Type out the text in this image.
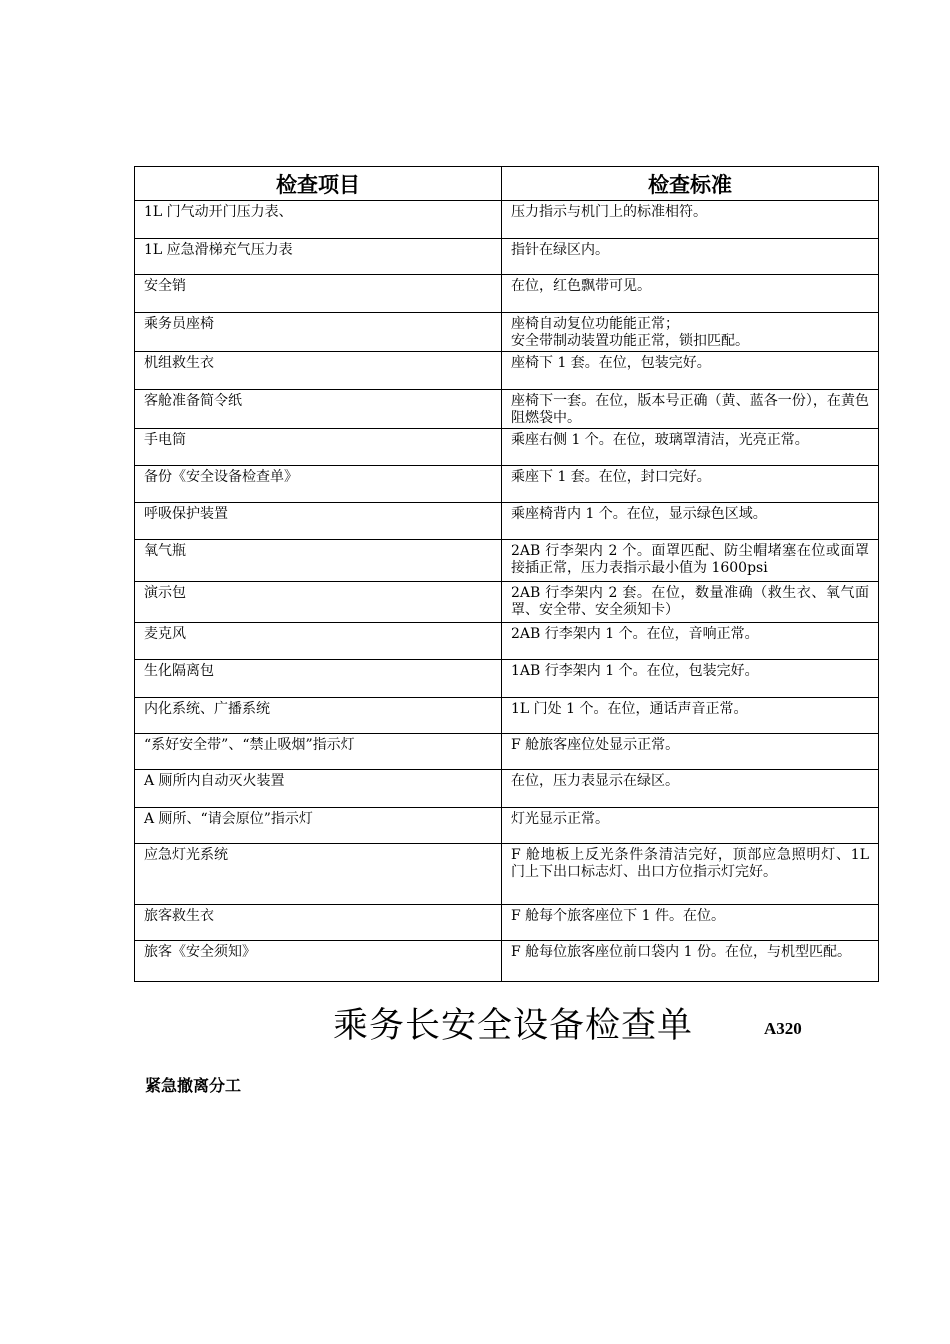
检查项目	检查标准
1L 门气动开门压力表、	压力指示与机门上的标准相符。
1L 应急滑梯充气压力表	指针在绿区内。
安全销	在位，红色飘带可见。
乘务员座椅	座椅自动复位功能能正常；
安全带制动装置功能正常，锁扣匹配。
机组救生衣	座椅下 1 套。在位，包装完好。
客舱准备简令纸	座椅下一套。在位，版本号正确（黄、蓝各一份），在黄色阻燃袋中。
手电筒	乘座右侧 1 个。在位，玻璃罩清洁，光亮正常。
备份《安全设备检查单》	乘座下 1 套。在位，封口完好。
呼吸保护装置	乘座椅背内 1 个。在位，显示绿色区域。
氧气瓶	2AB 行李架内 2 个。面罩匹配、防尘帽堵塞在位或面罩接插正常，压力表指示最小值为 1600psi
演示包	2AB 行李架内 2 套。在位，数量准确（救生衣、氧气面罩、安全带、安全须知卡）
麦克风	2AB 行李架内 1 个。在位，音响正常。
生化隔离包	1AB 行李架内 1 个。在位，包装完好。
内化系统、广播系统	1L 门处 1 个。在位，通话声音正常。
“系好安全带”、“禁止吸烟”指示灯	F 舱旅客座位处显示正常。
A 厕所内自动灭火装置	在位，压力表显示在绿区。
A 厕所、“请会原位”指示灯	灯光显示正常。
应急灯光系统	F 舱地板上反光条件条清洁完好，顶部应急照明灯、1L 门上下出口标志灯、出口方位指示灯完好。
旅客救生衣	F 舱每个旅客座位下 1 件。在位。
旅客《安全须知》	F 舱每位旅客座位前口袋内 1 份。在位，与机型匹配。
乘务长安全设备检查单	A320
紧急撤离分工
